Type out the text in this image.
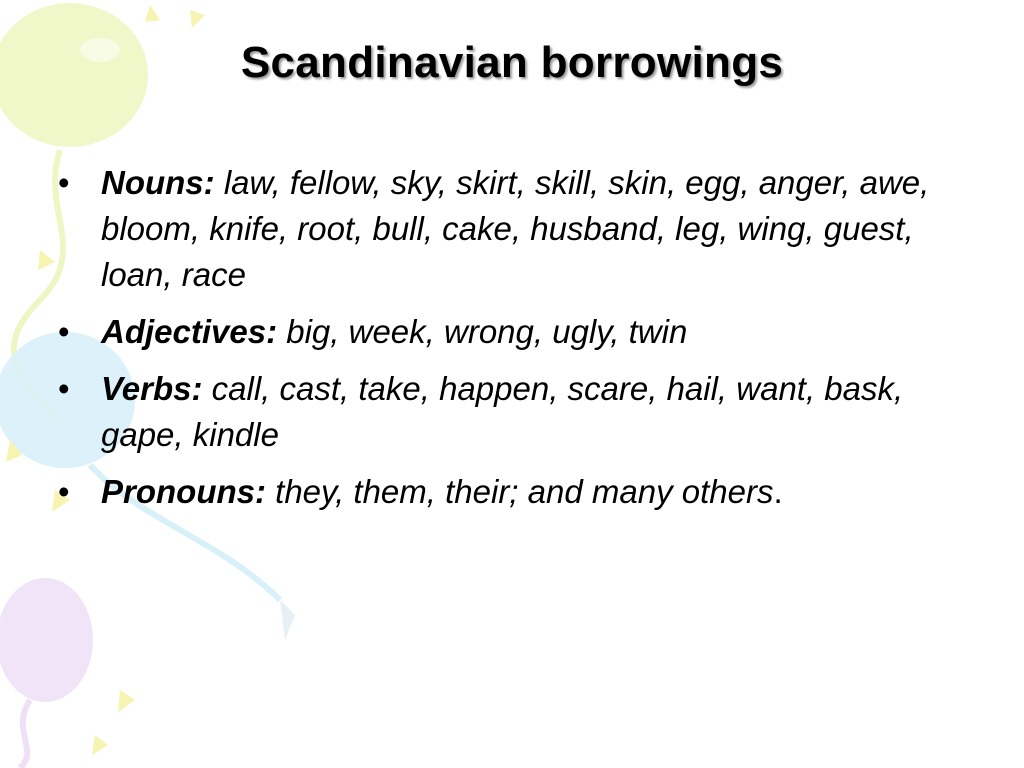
Scandinavian borrowings
• Nouns: law, fellow, sky, skirt, skill, skin, egg, anger, awe, bloom, knife, root, bull, cake, husband, leg, wing, guest, loan, race
• Adjectives: big, week, wrong, ugly, twin
• Verbs: call, cast, take, happen, scare, hail, want, bask, gape, kindle
• Pronouns: they, them, their; and many others.
